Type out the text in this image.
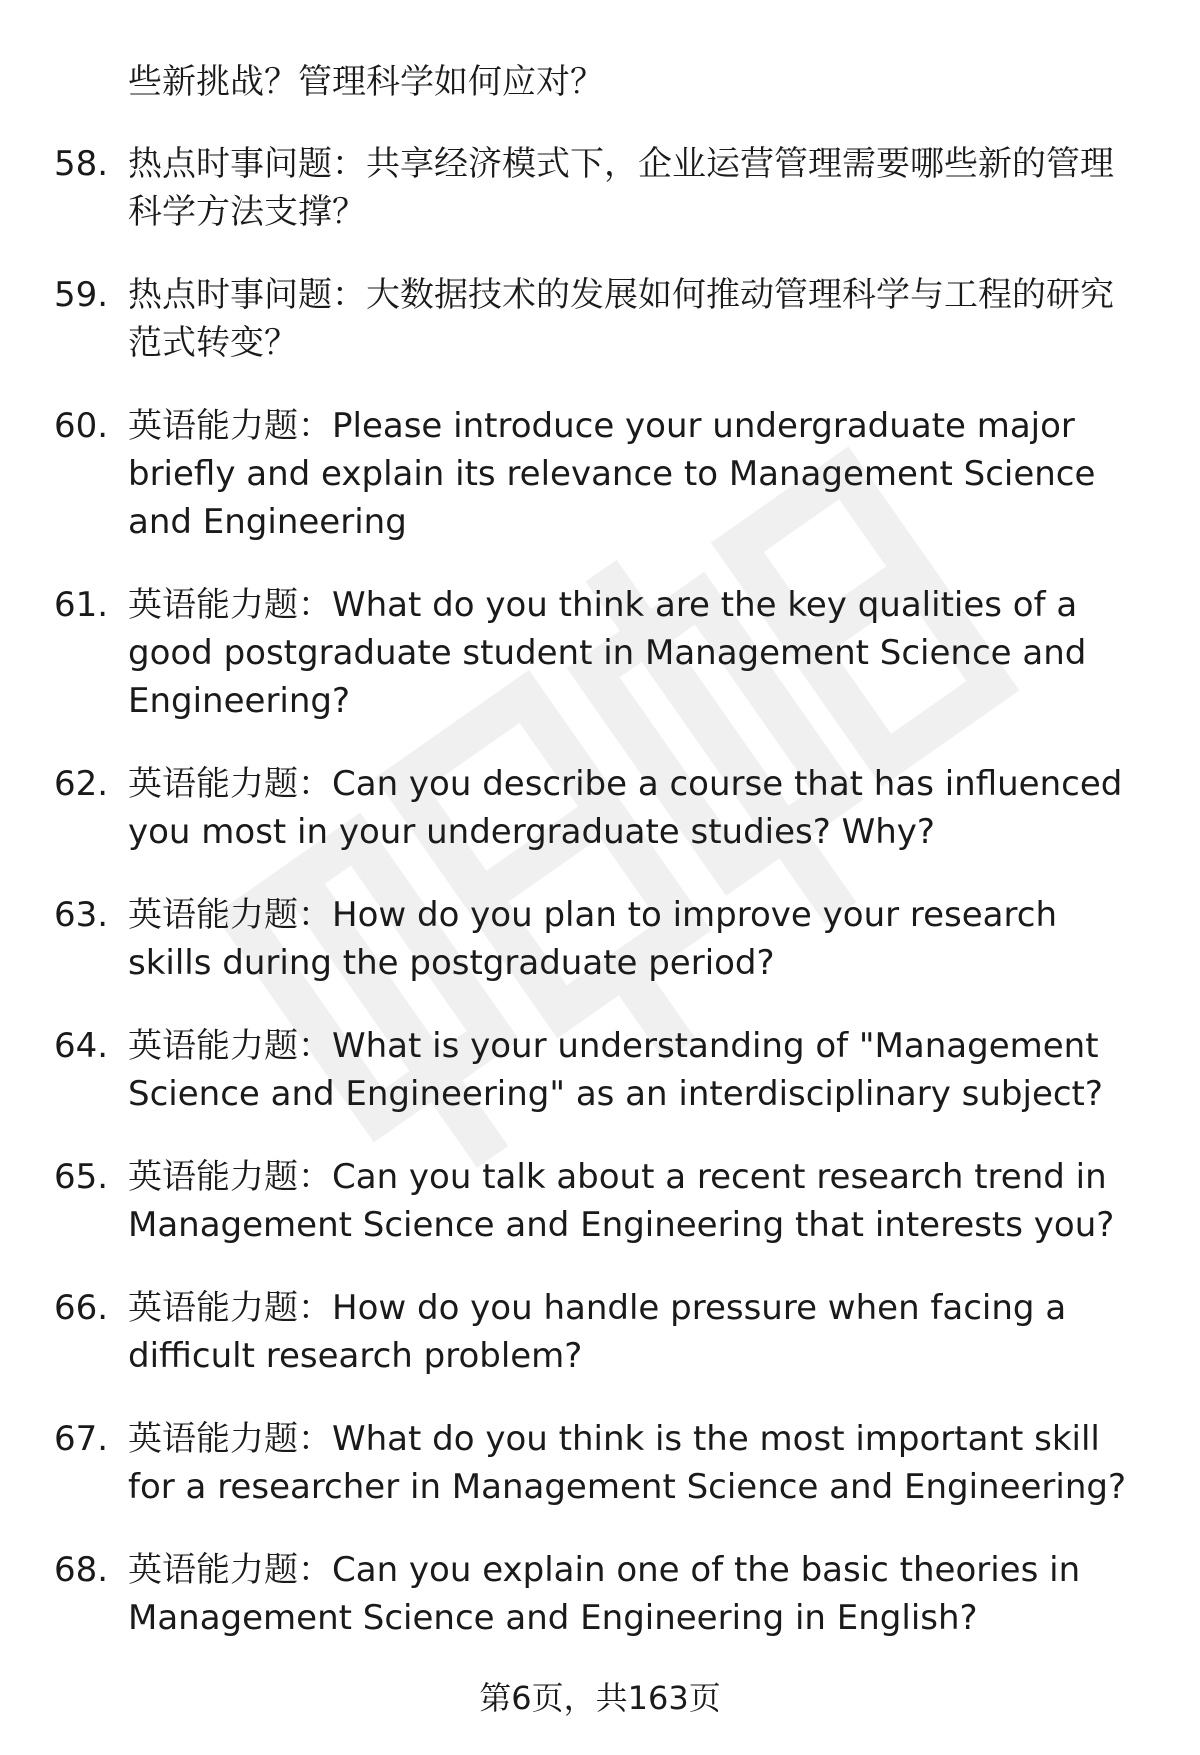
些新挑战？管理科学如何应对？
58. 热点时事问题：共享经济模式下，企业运营管理需要哪些新的管理科学方法支撑？
59. 热点时事问题：大数据技术的发展如何推动管理科学与工程的研究范式转变？
60. 英语能力题：Please introduce your undergraduate major briefly and explain its relevance to Management Science and Engineering
61. 英语能力题：What do you think are the key qualities of a good postgraduate student in Management Science and Engineering?
62. 英语能力题：Can you describe a course that has influenced you most in your undergraduate studies? Why?
63. 英语能力题：How do you plan to improve your research skills during the postgraduate period?
64. 英语能力题：What is your understanding of "Management Science and Engineering" as an interdisciplinary subject?
65. 英语能力题：Can you talk about a recent research trend in Management Science and Engineering that interests you?
66. 英语能力题：How do you handle pressure when facing a difficult research problem?
67. 英语能力题：What do you think is the most important skill for a researcher in Management Science and Engineering?
68. 英语能力题：Can you explain one of the basic theories in Management Science and Engineering in English?
第6页，共163页
